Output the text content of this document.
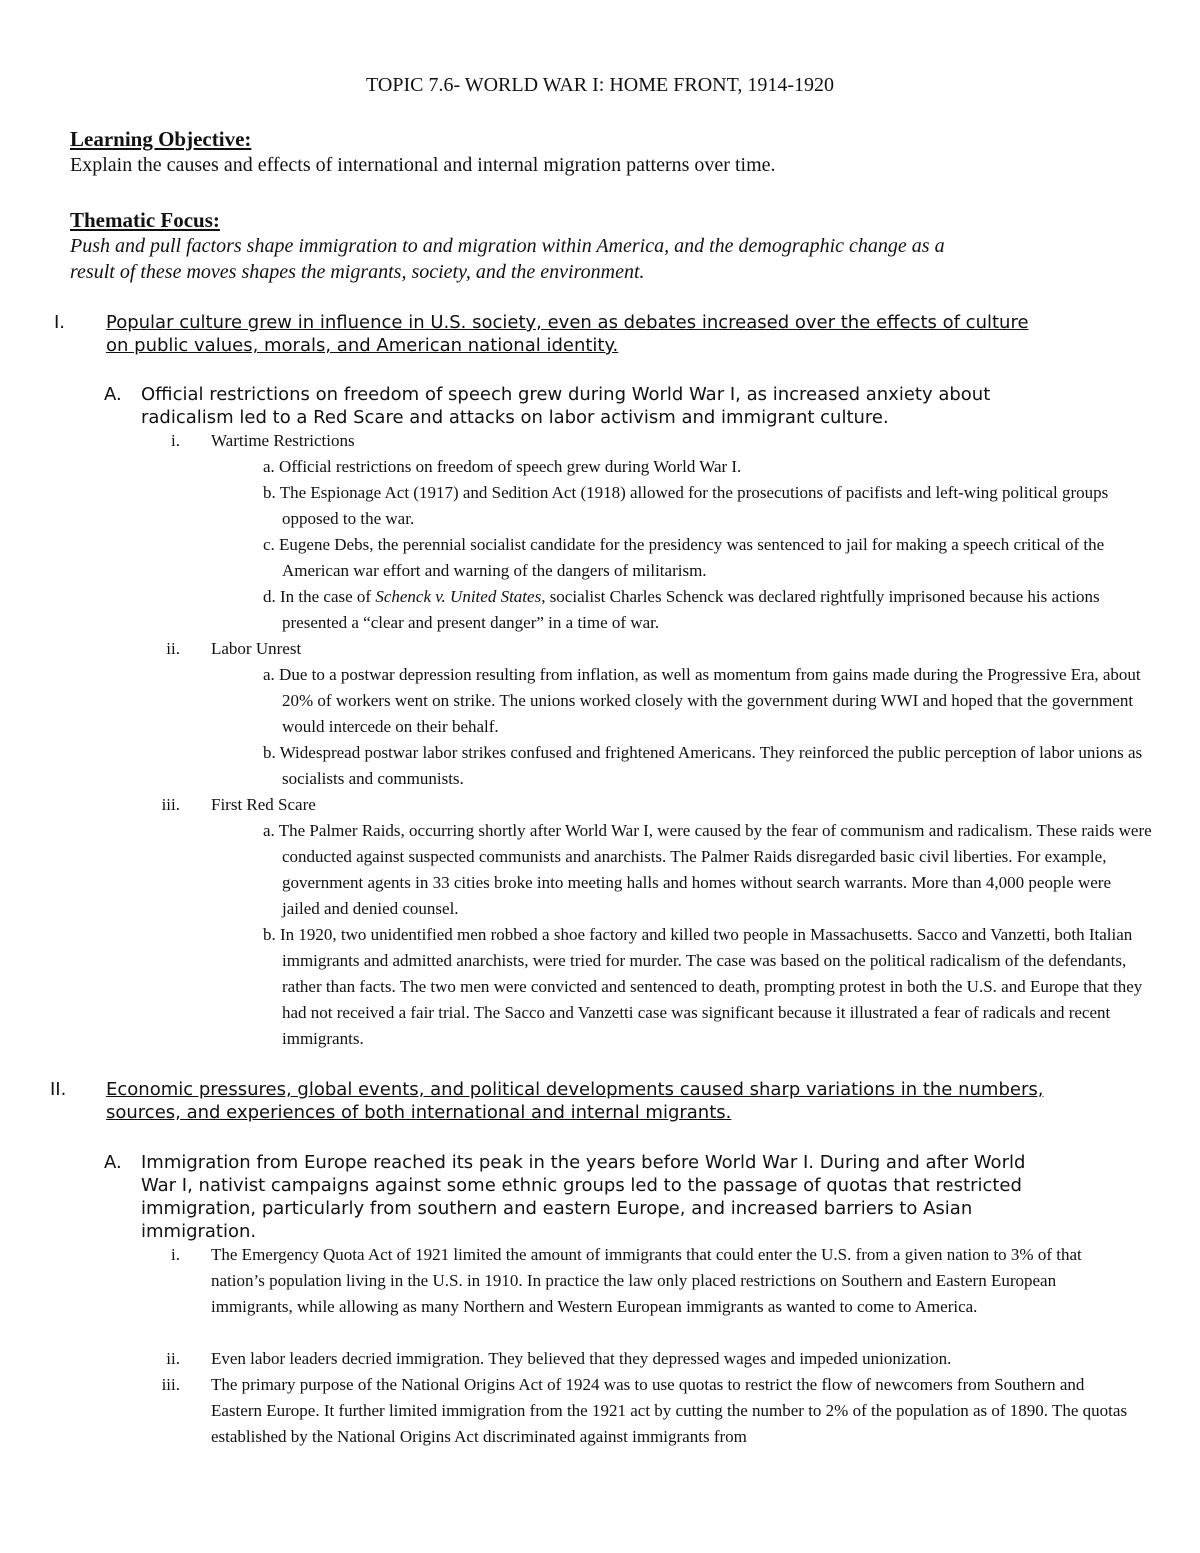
TOPIC 7.6- WORLD WAR I: HOME FRONT, 1914-1920
Learning Objective:
Explain the causes and effects of international and internal migration patterns over time.
Thematic Focus:
Push and pull factors shape immigration to and migration within America, and the demographic change as a
result of these moves shapes the migrants, society, and the environment.
I. Popular culture grew in influence in U.S. society, even as debates increased over the effects of culture
on public values, morals, and American national identity.
A. Official restrictions on freedom of speech grew during World War I, as increased anxiety about
radicalism led to a Red Scare and attacks on labor activism and immigrant culture.
i. Wartime Restrictions
a. Official restrictions on freedom of speech grew during World War I.
b. The Espionage Act (1917) and Sedition Act (1918) allowed for the prosecutions of pacifists and left-wing political groups opposed to the war.
c. Eugene Debs, the perennial socialist candidate for the presidency was sentenced to jail for making a speech critical of the American war effort and warning of the dangers of militarism.
d. In the case of Schenck v. United States, socialist Charles Schenck was declared rightfully imprisoned because his actions presented a “clear and present danger” in a time of war.
ii. Labor Unrest
a. Due to a postwar depression resulting from inflation, as well as momentum from gains made during the Progressive Era, about 20% of workers went on strike. The unions worked closely with the government during WWI and hoped that the government would intercede on their behalf.
b. Widespread postwar labor strikes confused and frightened Americans. They reinforced the public perception of labor unions as socialists and communists.
iii. First Red Scare
a. The Palmer Raids, occurring shortly after World War I, were caused by the fear of communism and radicalism. These raids were conducted against suspected communists and anarchists. The Palmer Raids disregarded basic civil liberties. For example, government agents in 33 cities broke into meeting halls and homes without search warrants. More than 4,000 people were jailed and denied counsel.
b. In 1920, two unidentified men robbed a shoe factory and killed two people in Massachusetts. Sacco and Vanzetti, both Italian immigrants and admitted anarchists, were tried for murder. The case was based on the political radicalism of the defendants, rather than facts. The two men were convicted and sentenced to death, prompting protest in both the U.S. and Europe that they had not received a fair trial. The Sacco and Vanzetti case was significant because it illustrated a fear of radicals and recent immigrants.
II. Economic pressures, global events, and political developments caused sharp variations in the numbers,
sources, and experiences of both international and internal migrants.
A. Immigration from Europe reached its peak in the years before World War I. During and after World
War I, nativist campaigns against some ethnic groups led to the passage of quotas that restricted
immigration, particularly from southern and eastern Europe, and increased barriers to Asian
immigration.
i. The Emergency Quota Act of 1921 limited the amount of immigrants that could enter the U.S. from a given nation to 3% of that nation’s population living in the U.S. in 1910. In practice the law only placed restrictions on Southern and Eastern European immigrants, while allowing as many Northern and Western European immigrants as wanted to come to America.
ii. Even labor leaders decried immigration. They believed that they depressed wages and impeded unionization.
iii. The primary purpose of the National Origins Act of 1924 was to use quotas to restrict the flow of newcomers from Southern and Eastern Europe. It further limited immigration from the 1921 act by cutting the number to 2% of the population as of 1890. The quotas established by the National Origins Act discriminated against immigrants from
